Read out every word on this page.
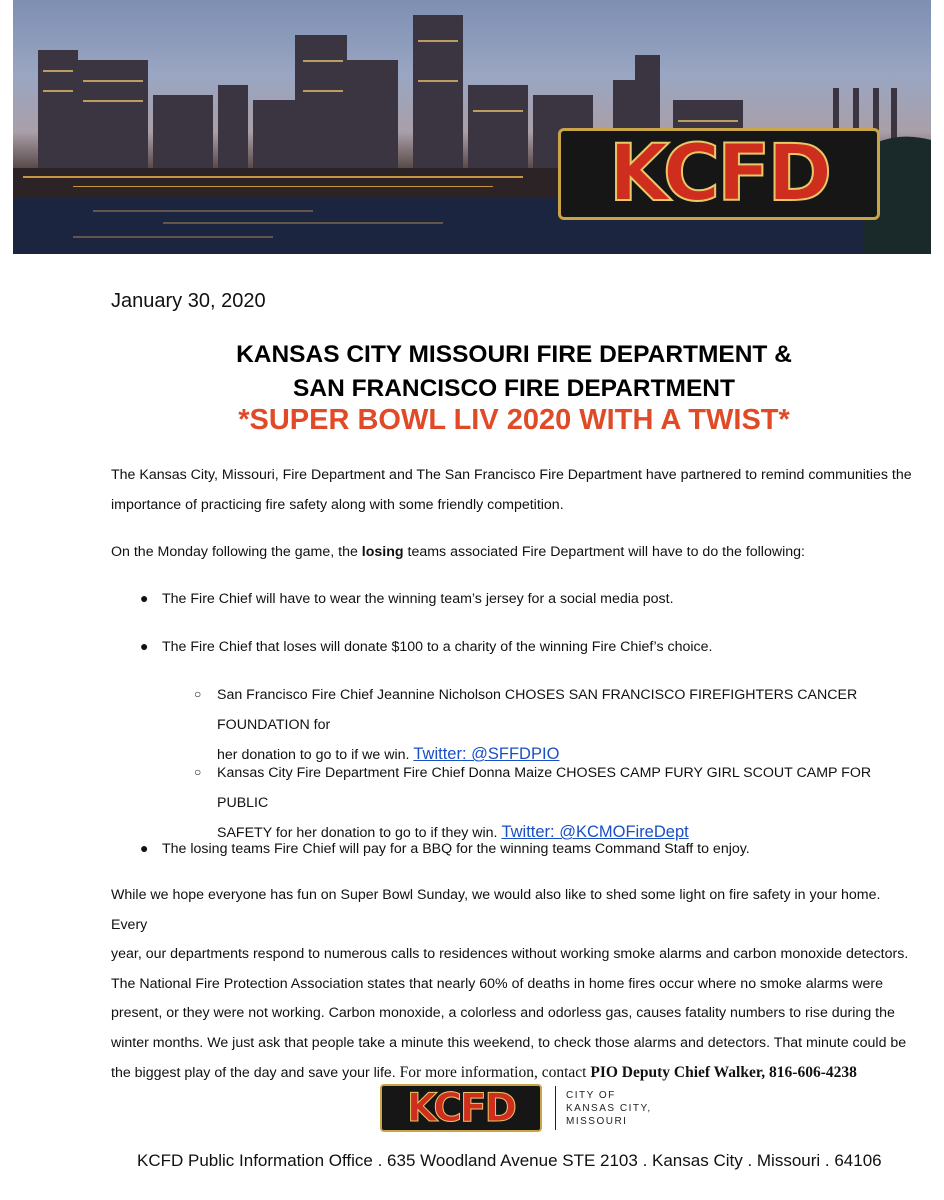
KCFD
January 30, 2020
KANSAS CITY MISSOURI FIRE DEPARTMENT &
SAN FRANCISCO FIRE DEPARTMENT
*SUPER BOWL LIV 2020 WITH A TWIST*
The Kansas City, Missouri, Fire Department and The San Francisco Fire Department have partnered to remind communities the
importance of practicing fire safety along with some friendly competition.
On the Monday following the game, the losing teams associated Fire Department will have to do the following:
● The Fire Chief will have to wear the winning team’s jersey for a social media post.
● The Fire Chief that loses will donate $100 to a charity of the winning Fire Chief’s choice.
○ San Francisco Fire Chief Jeannine Nicholson CHOSES SAN FRANCISCO FIREFIGHTERS CANCER FOUNDATION for
her donation to go to if we win. Twitter: @SFFDPIO
○ Kansas City Fire Department Fire Chief Donna Maize CHOSES CAMP FURY GIRL SCOUT CAMP FOR PUBLIC
SAFETY for her donation to go to if they win. Twitter: @KCMOFireDept
● The losing teams Fire Chief will pay for a BBQ for the winning teams Command Staff to enjoy.
While we hope everyone has fun on Super Bowl Sunday, we would also like to shed some light on fire safety in your home. Every
year, our departments respond to numerous calls to residences without working smoke alarms and carbon monoxide detectors.
The National Fire Protection Association states that nearly 60% of deaths in home fires occur where no smoke alarms were
present, or they were not working. Carbon monoxide, a colorless and odorless gas, causes fatality numbers to rise during the
winter months. We just ask that people take a minute this weekend, to check those alarms and detectors. That minute could be
the biggest play of the day and save your life. For more information, contact PIO Deputy Chief Walker, 816-606-4238
KCFD	CITY OF
KANSAS CITY,
MISSOURI
KCFD Public Information Office . 635 Woodland Avenue STE 2103 . Kansas City . Missouri . 64106
